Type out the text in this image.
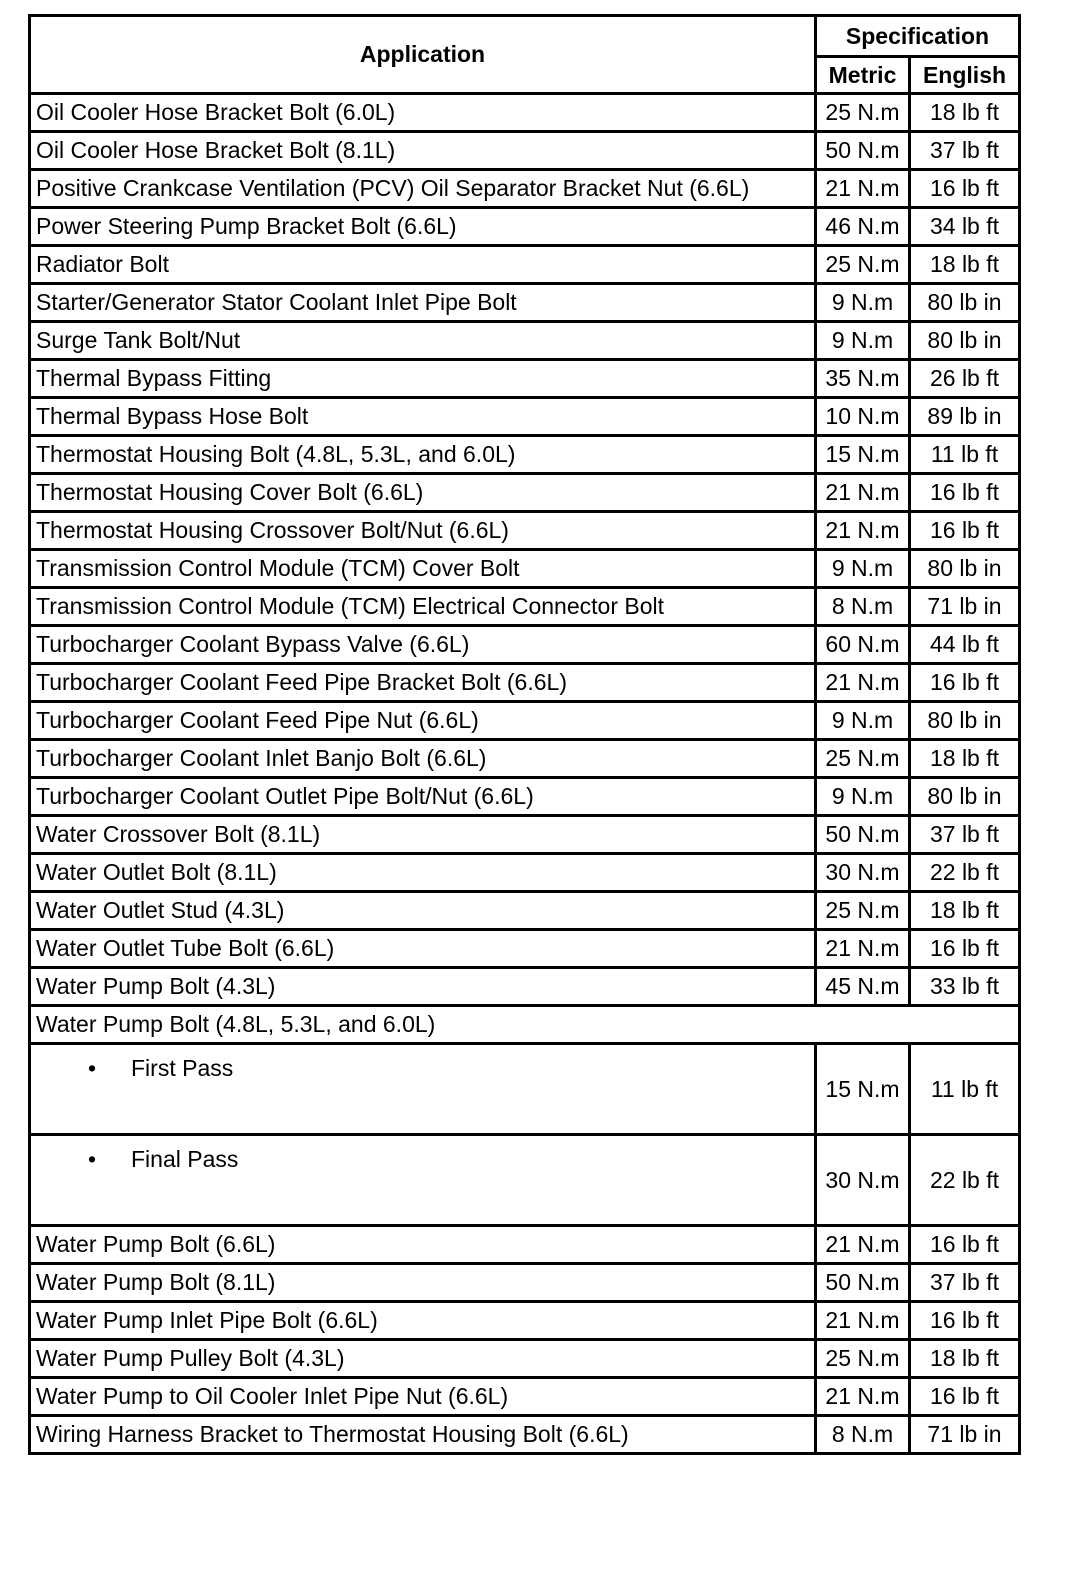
Application	Specification	
	Metric	English
Oil Cooler Hose Bracket Bolt (6.0L)	25 N.m	18 lb ft
Oil Cooler Hose Bracket Bolt (8.1L)	50 N.m	37 lb ft
Positive Crankcase Ventilation (PCV) Oil Separator Bracket Nut (6.6L)	21 N.m	16 lb ft
Power Steering Pump Bracket Bolt (6.6L)	46 N.m	34 lb ft
Radiator Bolt	25 N.m	18 lb ft
Starter/Generator Stator Coolant Inlet Pipe Bolt	9 N.m	80 lb in
Surge Tank Bolt/Nut	9 N.m	80 lb in
Thermal Bypass Fitting	35 N.m	26 lb ft
Thermal Bypass Hose Bolt	10 N.m	89 lb in
Thermostat Housing Bolt (4.8L, 5.3L, and 6.0L)	15 N.m	11 lb ft
Thermostat Housing Cover Bolt (6.6L)	21 N.m	16 lb ft
Thermostat Housing Crossover Bolt/Nut (6.6L)	21 N.m	16 lb ft
Transmission Control Module (TCM) Cover Bolt	9 N.m	80 lb in
Transmission Control Module (TCM) Electrical Connector Bolt	8 N.m	71 lb in
Turbocharger Coolant Bypass Valve (6.6L)	60 N.m	44 lb ft
Turbocharger Coolant Feed Pipe Bracket Bolt (6.6L)	21 N.m	16 lb ft
Turbocharger Coolant Feed Pipe Nut (6.6L)	9 N.m	80 lb in
Turbocharger Coolant Inlet Banjo Bolt (6.6L)	25 N.m	18 lb ft
Turbocharger Coolant Outlet Pipe Bolt/Nut (6.6L)	9 N.m	80 lb in
Water Crossover Bolt (8.1L)	50 N.m	37 lb ft
Water Outlet Bolt (8.1L)	30 N.m	22 lb ft
Water Outlet Stud (4.3L)	25 N.m	18 lb ft
Water Outlet Tube Bolt (6.6L)	21 N.m	16 lb ft
Water Pump Bolt (4.3L)	45 N.m	33 lb ft
Water Pump Bolt (4.8L, 5.3L, and 6.0L)		
• First Pass	15 N.m	11 lb ft
• Final Pass	30 N.m	22 lb ft
Water Pump Bolt (6.6L)	21 N.m	16 lb ft
Water Pump Bolt (8.1L)	50 N.m	37 lb ft
Water Pump Inlet Pipe Bolt (6.6L)	21 N.m	16 lb ft
Water Pump Pulley Bolt (4.3L)	25 N.m	18 lb ft
Water Pump to Oil Cooler Inlet Pipe Nut (6.6L)	21 N.m	16 lb ft
Wiring Harness Bracket to Thermostat Housing Bolt (6.6L)	8 N.m	71 lb in
